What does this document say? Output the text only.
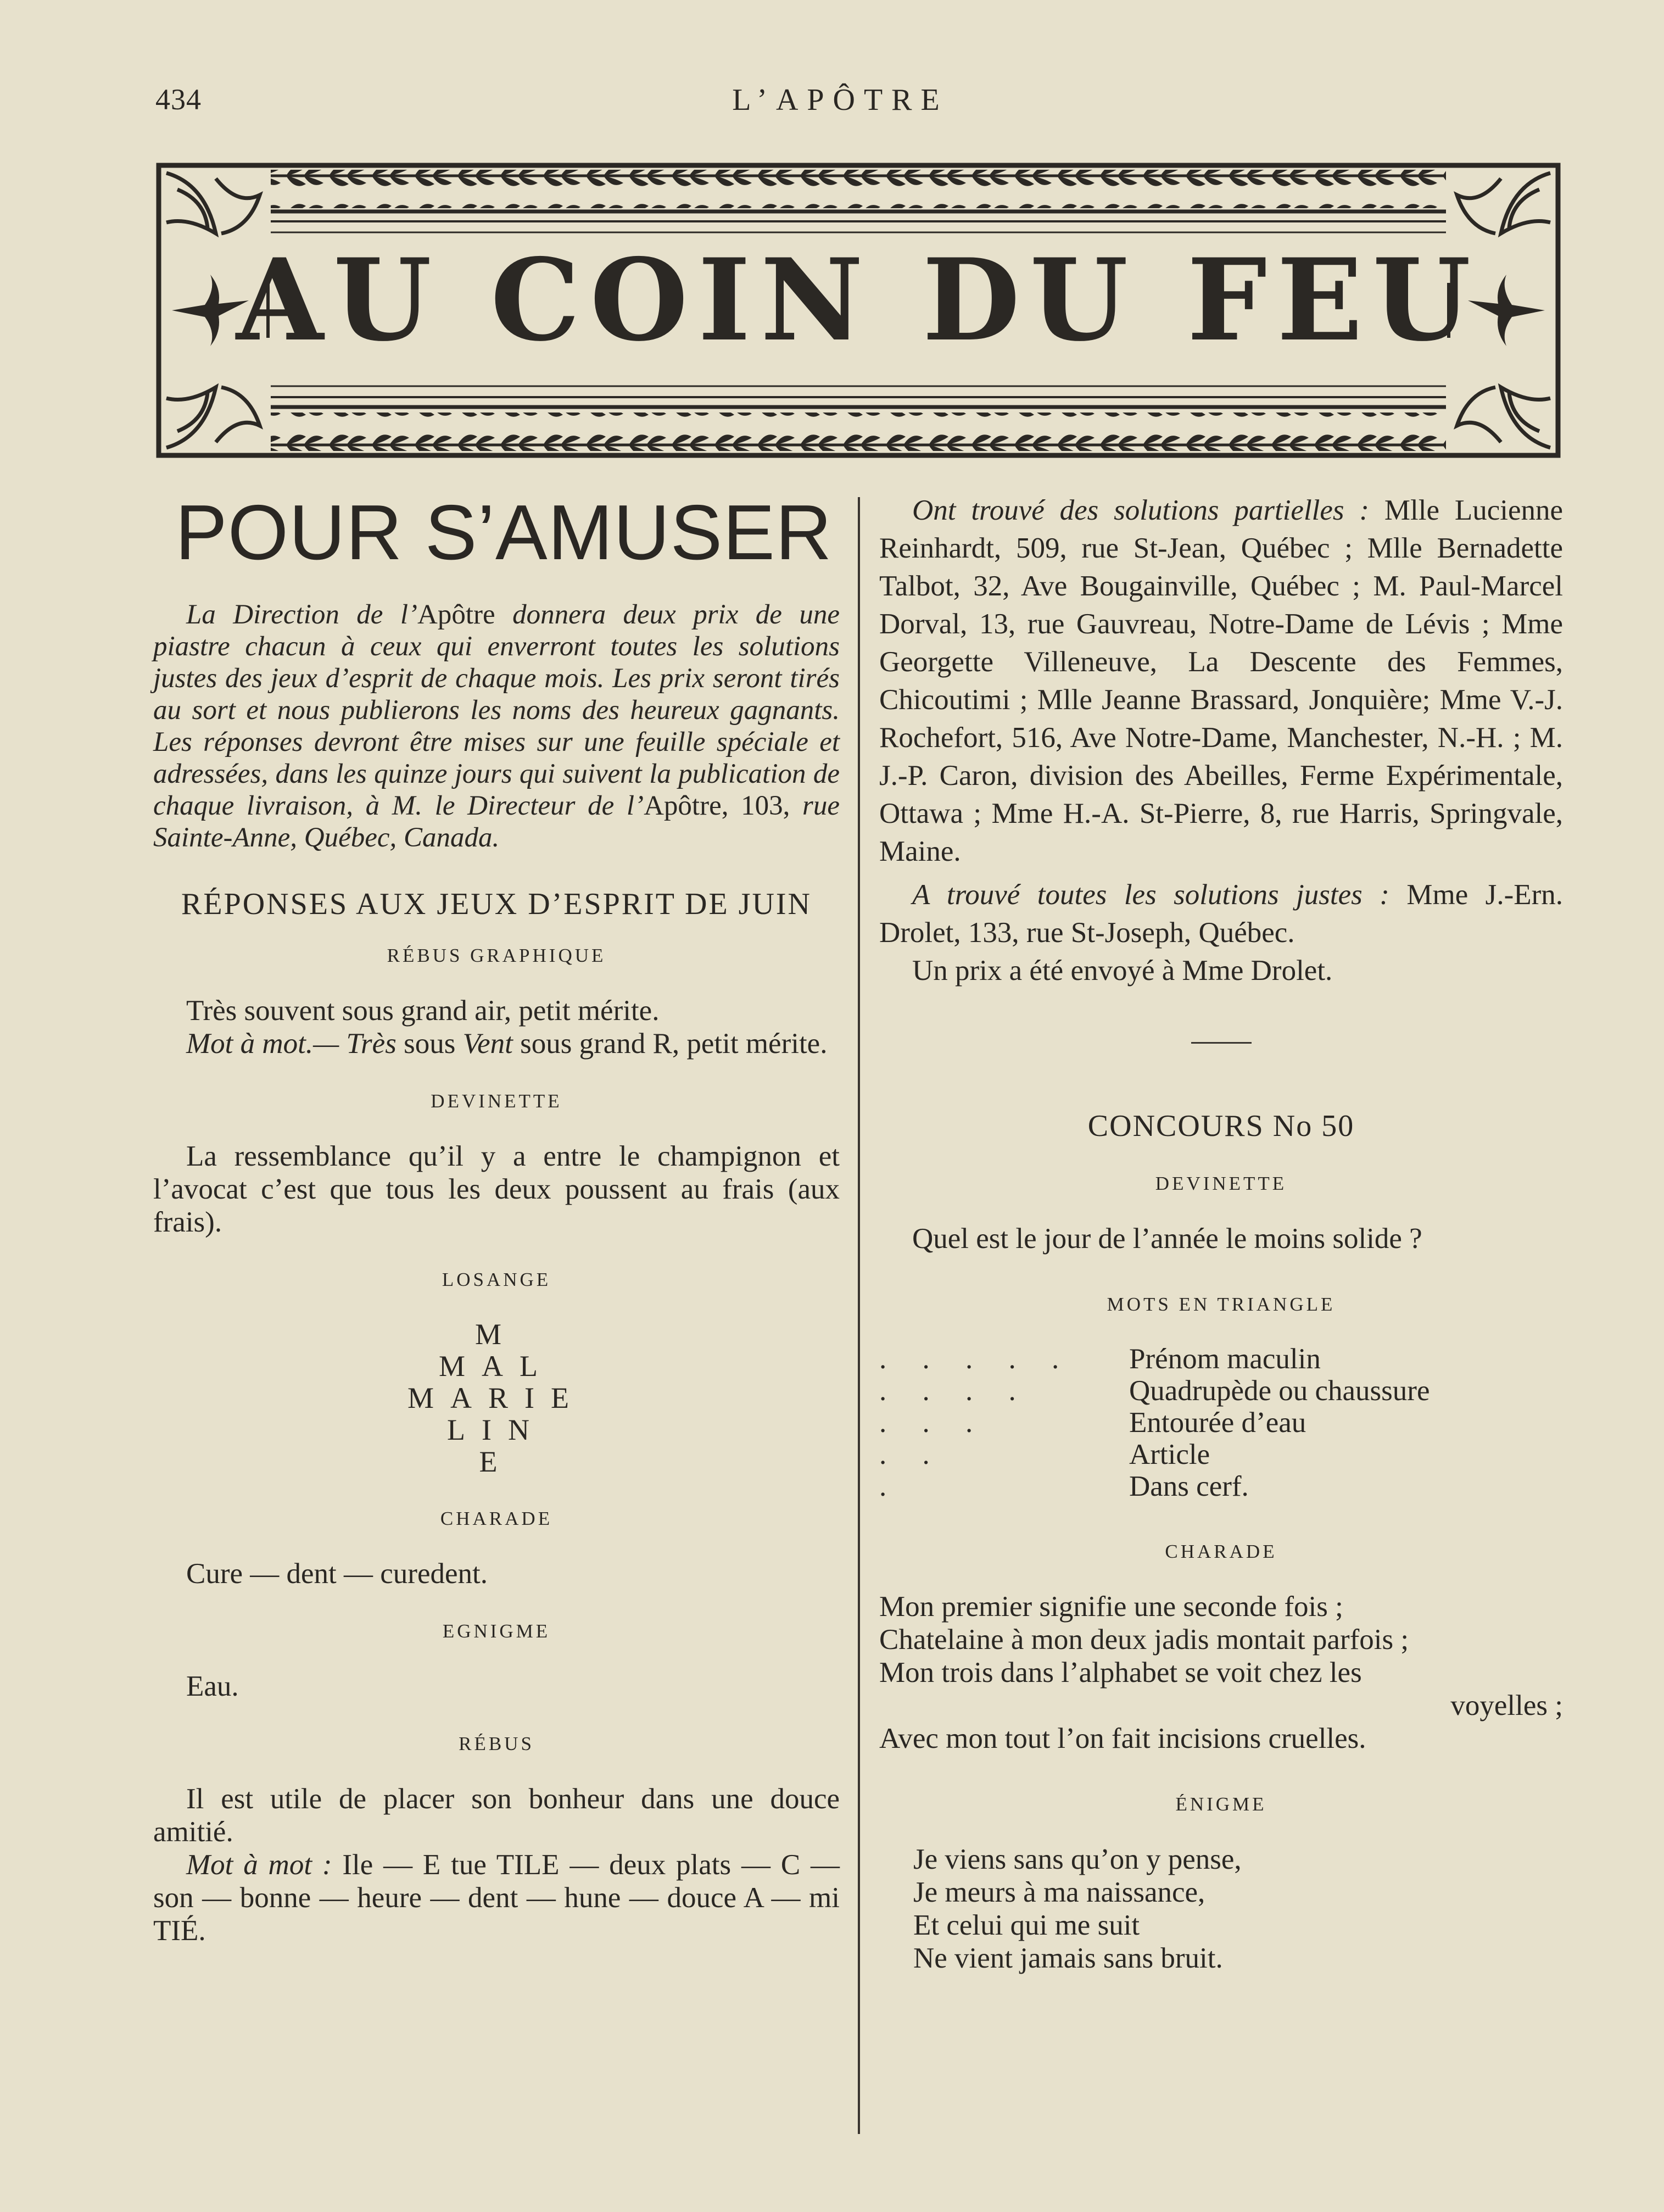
434	L’APÔTRE
AU COIN DU FEU
POUR S’AMUSER

La Direction de l’Apôtre donnera deux prix de une piastre chacun à ceux qui enverront toutes les solutions justes des jeux d’esprit de chaque mois. Les prix seront tirés au sort et nous publierons les noms des heureux gagnants. Les réponses devront être mises sur une feuille spéciale et adressées, dans les quinze jours qui suivent la publication de chaque livraison, à M. le Directeur de l’Apôtre, 103, rue Sainte-Anne, Québec, Canada.

RÉPONSES AUX JEUX D’ESPRIT DE JUIN
RÉBUS GRAPHIQUE

Très souvent sous grand air, petit mérite.

Mot à mot.— Très sous Vent sous grand R, petit mérite.

DEVINETTE

La ressemblance qu’il y a entre le champignon et l’avocat c’est que tous les deux poussent au frais (aux frais).

LOSANGE
M
MAL
MARIE
LIN
E
CHARADE

Cure — dent — curedent.

EGNIGME

Eau.

RÉBUS

Il est utile de placer son bonheur dans une douce amitié.

Mot à mot : Ile — E tue TILE — deux plats — C — son — bonne — heure — dent — hune — douce A — mi TIÉ.

Ont trouvé des solutions partielles : Mlle Lucienne Reinhardt, 509, rue St-Jean, Québec ; Mlle Bernadette Talbot, 32, Ave Bougainville, Québec ; M. Paul-Marcel Dorval, 13, rue Gauvreau, Notre-Dame de Lévis ; Mme Georgette Villeneuve, La Descente des Femmes, Chicoutimi ; Mlle Jeanne Brassard, Jonquière; Mme V.-J. Rochefort, 516, Ave Notre-Dame, Manchester, N.-H. ; M. J.-P. Caron, division des Abeilles, Ferme Expérimentale, Ottawa ; Mme H.-A. St-Pierre, 8, rue Harris, Springvale, Maine.

A trouvé toutes les solutions justes : Mme J.-Ern. Drolet, 133, rue St-Joseph, Québec.

Un prix a été envoyé à Mme Drolet.

CONCOURS No 50
DEVINETTE

Quel est le jour de l’année le moins solide ?

MOTS EN TRIANGLE
. . . . .	Prénom maculin
. . . .	Quadrupède ou chaussure
. . .	Entourée d’eau
. .	Article
.	Dans cerf.
CHARADE
Mon premier signifie une seconde fois ;
Chatelaine à mon deux jadis montait parfois ;
Mon trois dans l’alphabet se voit chez les
voyelles ;
Avec mon tout l’on fait incisions cruelles.
ÉNIGME
Je viens sans qu’on y pense,
Je meurs à ma naissance,
Et celui qui me suit
Ne vient jamais sans bruit.
